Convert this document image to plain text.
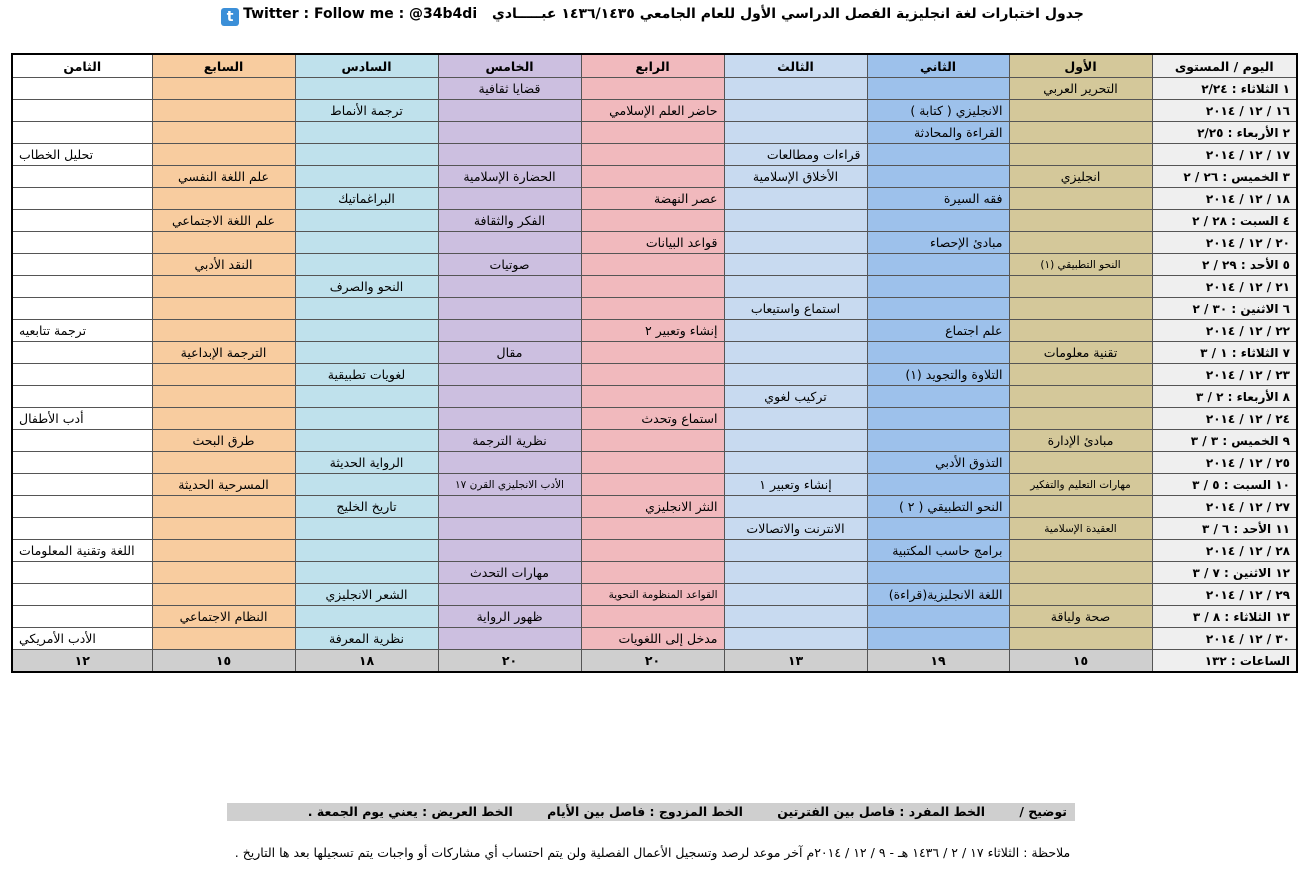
جدول اختبارات لغة انجليزية الفصل الدراسي الأول للعام الجامعي ١٤٣٦/١٤٣٥ عبـــــادي t Twitter : Follow me : @34b4di
اليوم / المستوى	الأول	الثاني	الثالث	الرابع	الخامس	السادس	السابع	الثامن
١ الثلاثاء : ٢/٢٤	التحرير العربي				قضايا ثقافية			
١٦ / ١٢ / ٢٠١٤		الانجليزي ( كتابة )		حاضر العلم الإسلامي		ترجمة الأنماط		
٢ الأربعاء : ٢/٢٥		القراءة والمحادثة						
١٧ / ١٢ / ٢٠١٤			قراءات ومطالعات					تحليل الخطاب
٣ الخميس : ٢٦ / ٢	انجليزي		الأخلاق الإسلامية		الحضارة الإسلامية		علم اللغة النفسي	
١٨ / ١٢ / ٢٠١٤		فقه السيرة		عصر النهضة		البراغماتيك		
٤ السبت : ٢٨ / ٢					الفكر والثقافة		علم اللغة الاجتماعي	
٢٠ / ١٢ / ٢٠١٤		مبادئ الإحصاء		قواعد البيانات				
٥ الأحد : ٢٩ / ٢	النحو التطبيقي (١)				صوتيات		النقد الأدبي	
٢١ / ١٢ / ٢٠١٤						النحو والصرف		
٦ الاثنين : ٣٠ / ٢			استماع واستيعاب					
٢٢ / ١٢ / ٢٠١٤		علم اجتماع		إنشاء وتعبير ٢				ترجمة تتابعيه
٧ الثلاثاء : ١ / ٣	تقنية معلومات				مقال		الترجمة الإبداعية	
٢٣ / ١٢ / ٢٠١٤		التلاوة والتجويد (١)				لغويات تطبيقية		
٨ الأربعاء : ٢ / ٣			تركيب لغوي					
٢٤ / ١٢ / ٢٠١٤				استماع وتحدث				أدب الأطفال
٩ الخميس : ٣ / ٣	مبادئ الإدارة				نظرية الترجمة		طرق البحث	
٢٥ / ١٢ / ٢٠١٤		التذوق الأدبي				الرواية الحديثة		
١٠ السبت : ٥ / ٣	مهارات التعليم والتفكير		إنشاء وتعبير ١		الأدب الانجليزي القرن ١٧		المسرحية الحديثة	
٢٧ / ١٢ / ٢٠١٤		النحو التطبيقي ( ٢ )		النثر الانجليزي		تاريخ الخليج		
١١ الأحد : ٦ / ٣	العقيدة الإسلامية		الانترنت والاتصالات					
٢٨ / ١٢ / ٢٠١٤		برامج حاسب المكتبية						اللغة وتقنية المعلومات
١٢ الاثنين : ٧ / ٣					مهارات التحدث			
٢٩ / ١٢ / ٢٠١٤		اللغة الانجليزية(قراءة)		القواعد المنظومة النحوية		الشعر الانجليزي		
١٣ الثلاثاء : ٨ / ٣	صحة ولياقة				ظهور الرواية		النظام الاجتماعي	
٣٠ / ١٢ / ٢٠١٤				مدخل إلى اللغويات		نظرية المعرفة		الأدب الأمريكي
الساعات : ١٣٢	١٥	١٩	١٣	٢٠	٢٠	١٨	١٥	١٢
توضيح / الخط المفرد : فاصل بين الفترتين الخط المزدوج : فاصل بين الأيام الخط العريض : يعني يوم الجمعة .
ملاحظة : الثلاثاء ١٧ / ٢ / ١٤٣٦ هـ - ٩ / ١٢ / ٢٠١٤م آخر موعد لرصد وتسجيل الأعمال الفصلية ولن يتم احتساب أي مشاركات أو واجبات يتم تسجيلها بعد ها التاريخ .
